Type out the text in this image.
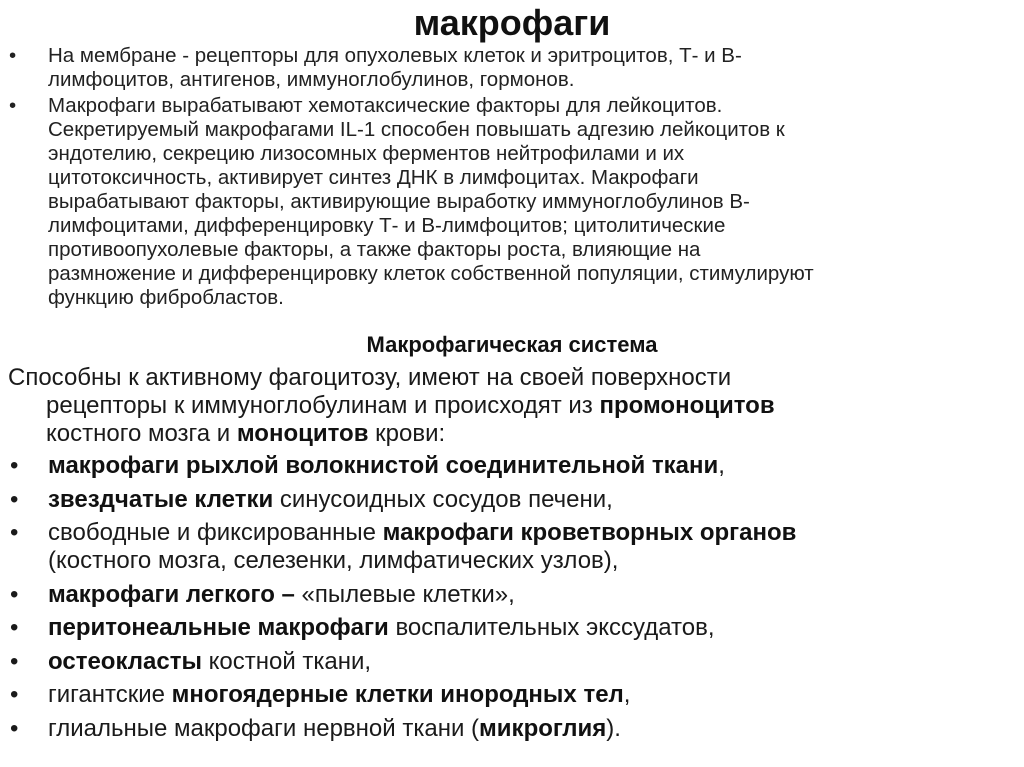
макрофаги
•	На мембране - рецепторы для опухолевых клеток и эритроцитов, Т- и В-
лимфоцитов, антигенов, иммуноглобулинов, гормонов.
•	Макрофаги вырабатывают хемотаксические факторы для лейкоцитов.
Секретируемый макрофагами IL-1 способен повышать адгезию лейкоцитов к
эндотелию, секрецию лизосомных ферментов нейтрофилами и их
цитотоксичность, активирует синтез ДНК в лимфоцитах. Макрофаги
вырабатывают факторы, активирующие выработку иммуноглобулинов В-
лимфоцитами, дифференцировку Т- и В-лимфоцитов; цитолитические
противоопухолевые факторы, а также факторы роста, влияющие на
размножение и дифференцировку клеток собственной популяции, стимулируют
функцию фибробластов.
Макрофагическая система
Способны к активному фагоцитозу, имеют на своей поверхности
рецепторы к иммуноглобулинам и происходят из промоноцитов
костного мозга и моноцитов крови:
•	макрофаги рыхлой волокнистой соединительной ткани,
•	звездчатые клетки синусоидных сосудов печени,
•	свободные и фиксированные макрофаги кроветворных органов
(костного мозга, селезенки, лимфатических узлов),
•	макрофаги легкого – «пылевые клетки»,
•	перитонеальные макрофаги воспалительных экссудатов,
•	остеокласты костной ткани,
•	гигантские многоядерные клетки инородных тел,
•	глиальные макрофаги нервной ткани (микроглия).
